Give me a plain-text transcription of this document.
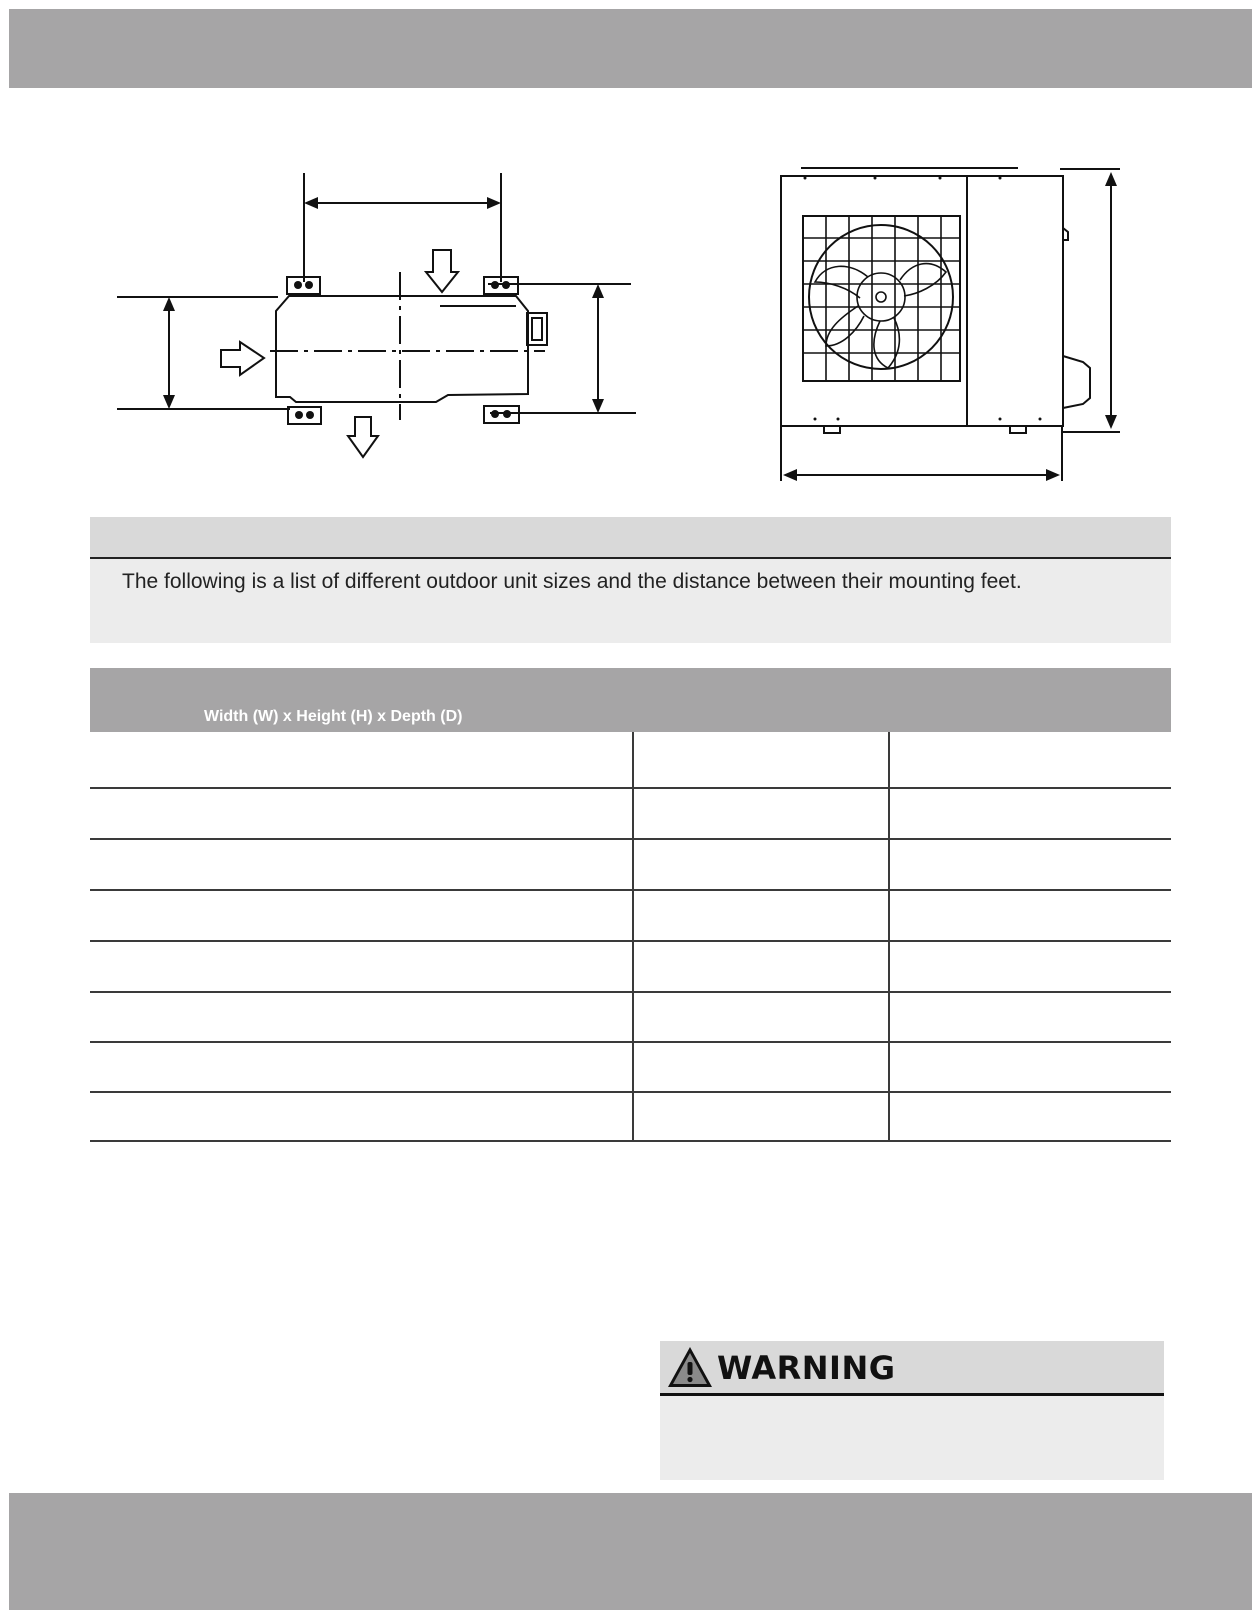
The following is a list of different outdoor unit sizes and the distance between their mounting feet.
Width (W) x Height (H) x Depth (D)
WARNING
